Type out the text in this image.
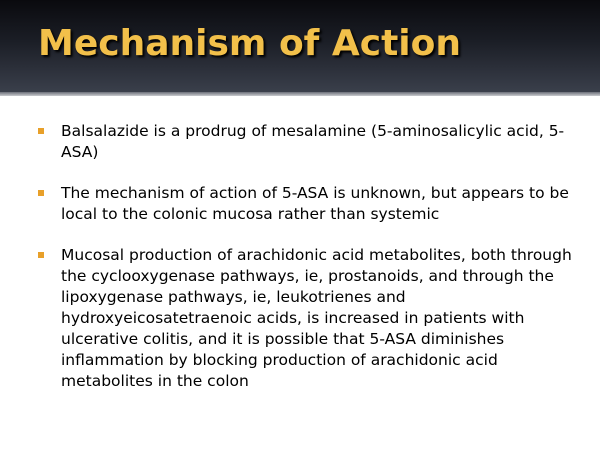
Mechanism of Action
Balsalazide is a prodrug of mesalamine (5-aminosalicylic acid, 5-ASA)
The mechanism of action of 5-ASA is unknown, but appears to be local to the colonic mucosa rather than systemic
Mucosal production of arachidonic acid metabolites, both through the cyclooxygenase pathways, ie, prostanoids, and through the lipoxygenase pathways, ie, leukotrienes and hydroxyeicosatetraenoic acids, is increased in patients with ulcerative colitis, and it is possible that 5-ASA diminishes inflammation by blocking production of arachidonic acid metabolites in the colon
